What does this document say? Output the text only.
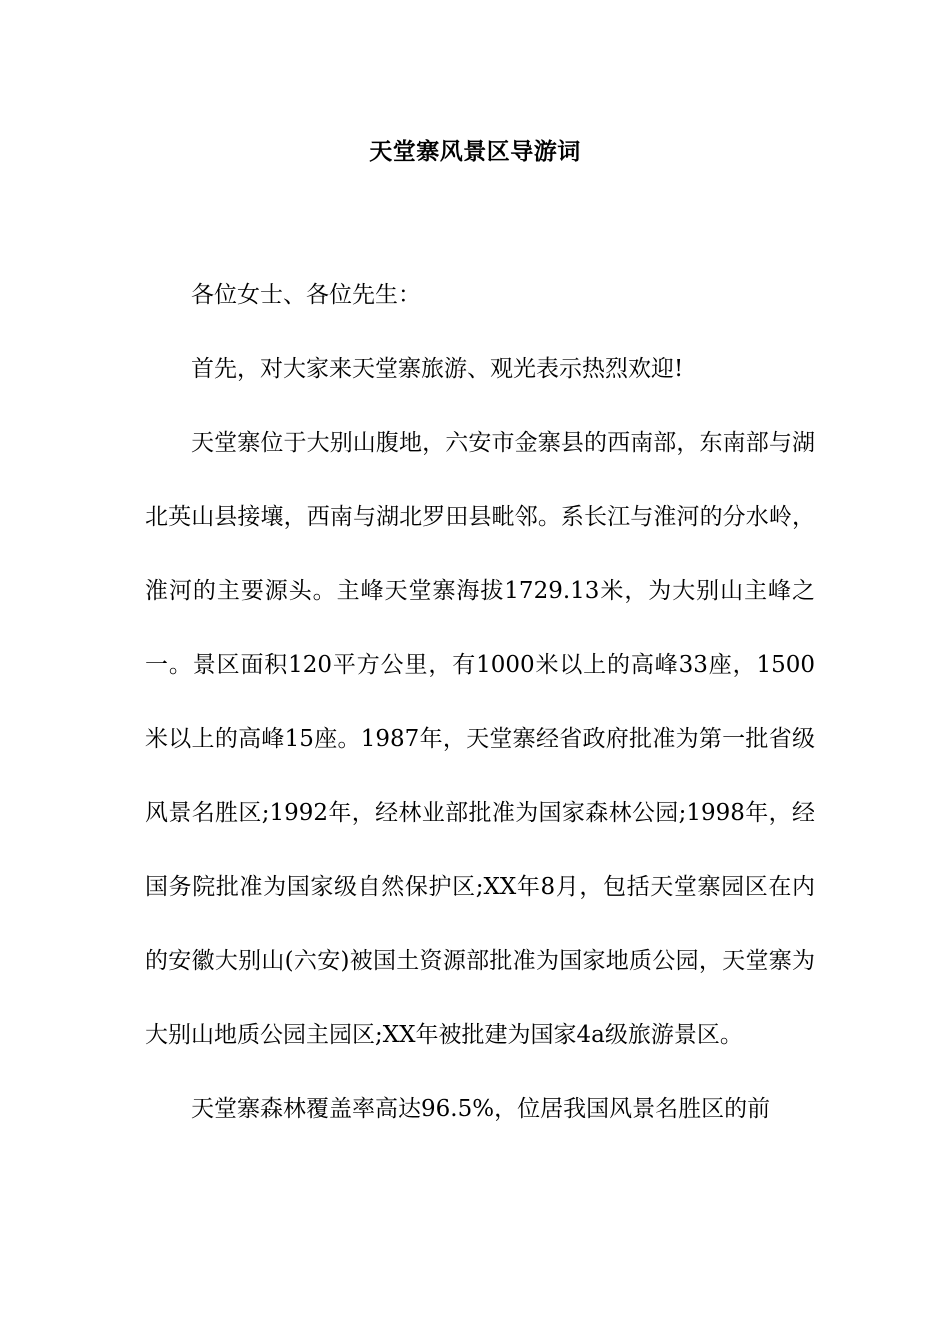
天堂寨风景区导游词

各位女士、各位先生：

首先，对大家来天堂寨旅游、观光表示热烈欢迎!

天堂寨位于大别山腹地，六安市金寨县的西南部，东南部与湖北英山县接壤，西南与湖北罗田县毗邻。系长江与淮河的分水岭，淮河的主要源头。主峰天堂寨海拔1729.13米，为大别山主峰之一。景区面积120平方公里，有1000米以上的高峰33座，1500米以上的高峰15座。1987年，天堂寨经省政府批准为第一批省级风景名胜区;1992年，经林业部批准为国家森林公园;1998年，经国务院批准为国家级自然保护区;XX年8月，包括天堂寨园区在内的安徽大别山(六安)被国土资源部批准为国家地质公园，天堂寨为大别山地质公园主园区;XX年被批建为国家4a级旅游景区。

天堂寨森林覆盖率高达96.5%，位居我国风景名胜区的前
